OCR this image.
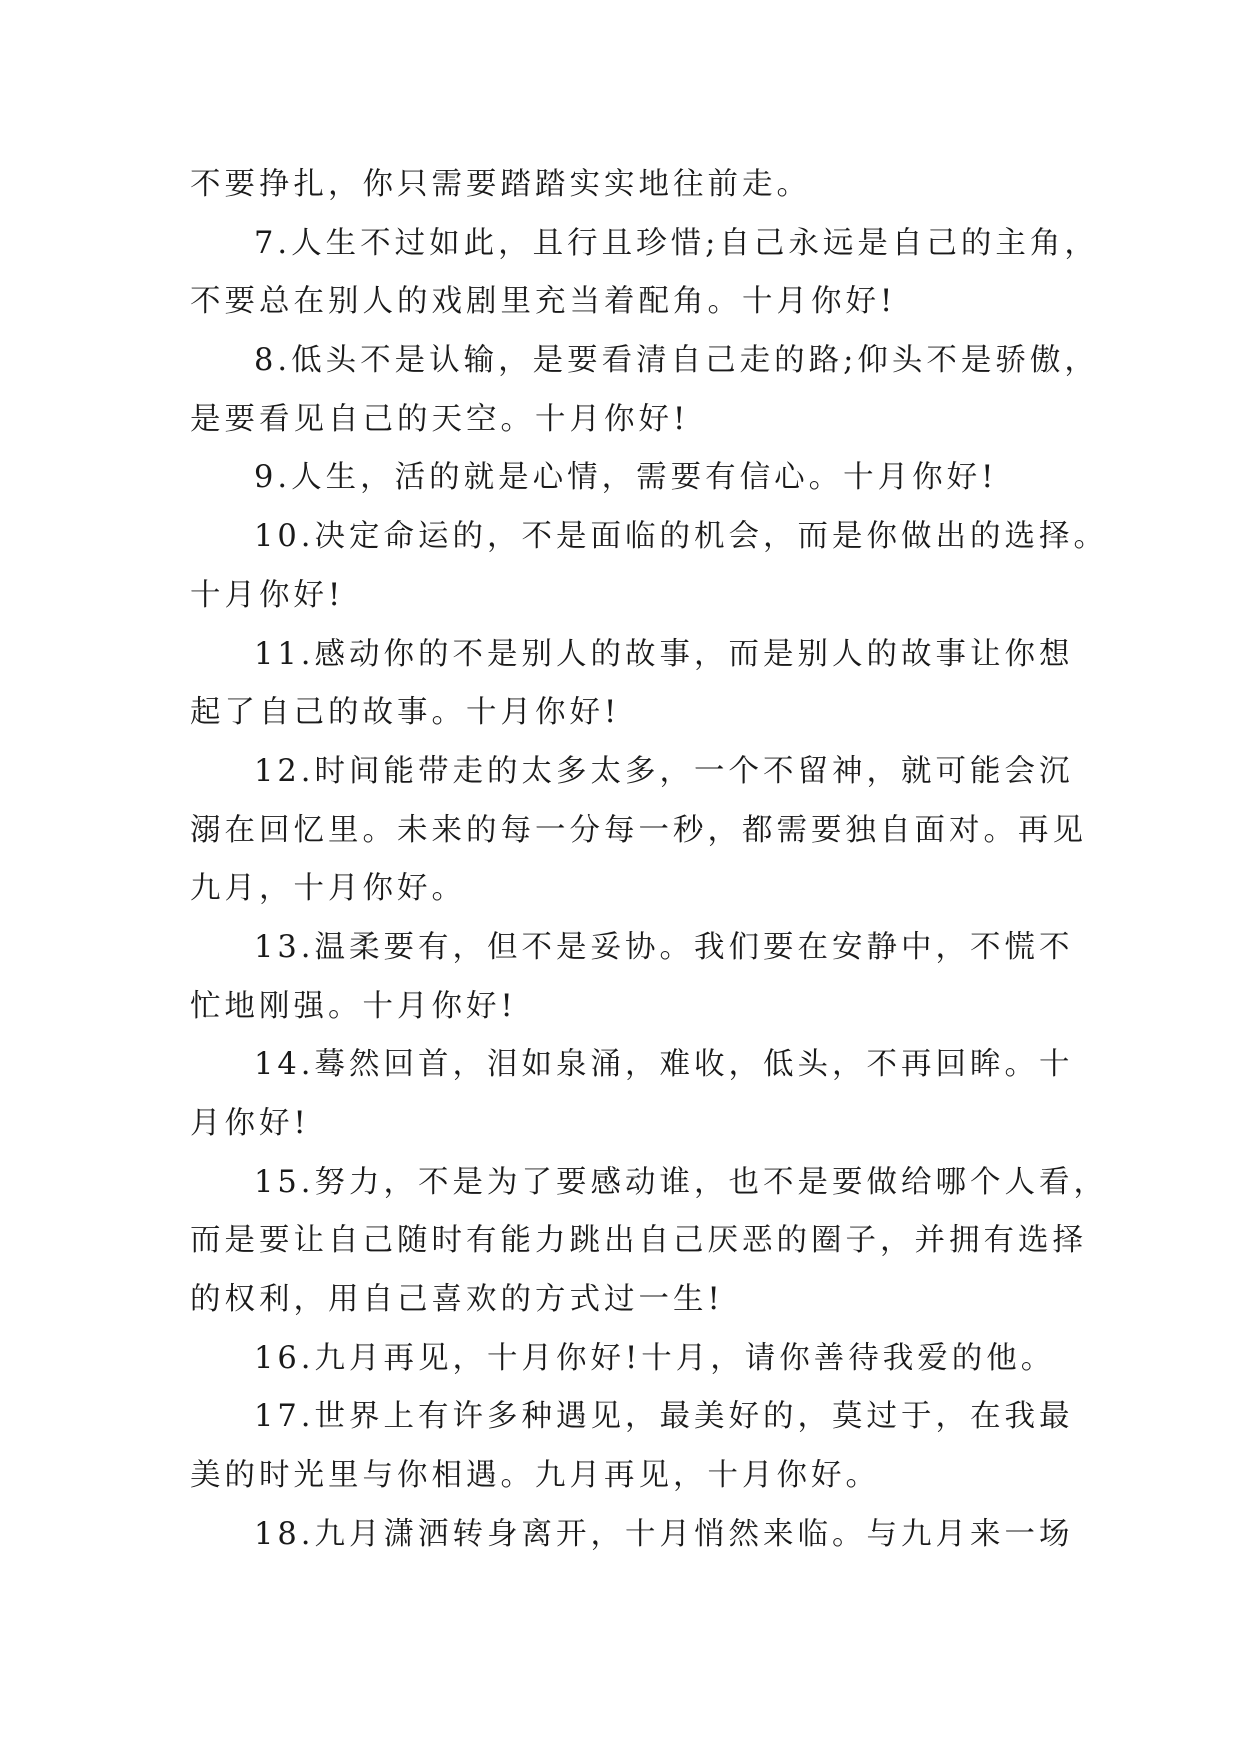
不要挣扎，你只需要踏踏实实地往前走。
7.人生不过如此，且行且珍惜;自己永远是自己的主角，
不要总在别人的戏剧里充当着配角。十月你好!
8.低头不是认输，是要看清自己走的路;仰头不是骄傲，
是要看见自己的天空。十月你好!
9.人生，活的就是心情，需要有信心。十月你好!
10.决定命运的，不是面临的机会，而是你做出的选择。
十月你好!
11.感动你的不是别人的故事，而是别人的故事让你想
起了自己的故事。十月你好!
12.时间能带走的太多太多，一个不留神，就可能会沉
溺在回忆里。未来的每一分每一秒，都需要独自面对。再见
九月，十月你好。
13.温柔要有，但不是妥协。我们要在安静中，不慌不
忙地刚强。十月你好!
14.蓦然回首，泪如泉涌，难收，低头，不再回眸。十
月你好!
15.努力，不是为了要感动谁，也不是要做给哪个人看，
而是要让自己随时有能力跳出自己厌恶的圈子，并拥有选择
的权利，用自己喜欢的方式过一生!
16.九月再见，十月你好!十月，请你善待我爱的他。
17.世界上有许多种遇见，最美好的，莫过于，在我最
美的时光里与你相遇。九月再见，十月你好。
18.九月潇洒转身离开，十月悄然来临。与九月来一场
